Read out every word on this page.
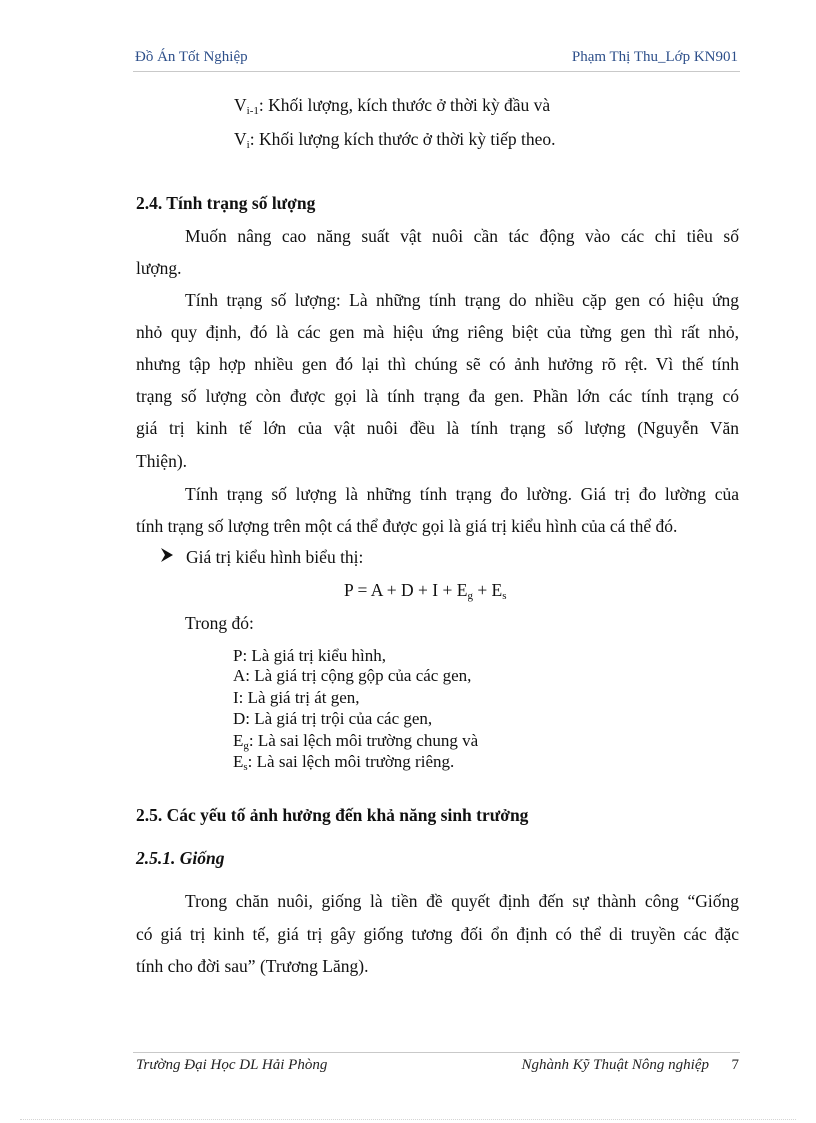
Đồ Án Tốt Nghiệp	Phạm Thị Thu_Lớp KN901
$V_{i-1}$: Khối lượng, kích thước ở thời kỳ đầu và
$V_i$: Khối lượng kích thước ở thời kỳ tiếp theo.
2.4. Tính trạng số lượng
Muốn nâng cao năng suất vật nuôi cần tác động vào các chỉ tiêu số
lượng.
Tính trạng số lượng: Là những tính trạng do nhiều cặp gen có hiệu ứng
nhỏ quy định, đó là các gen mà hiệu ứng riêng biệt của từng gen thì rất nhỏ,
nhưng tập hợp nhiều gen đó lại thì chúng sẽ có ảnh hưởng rõ rệt. Vì thế tính
trạng số lượng còn được gọi là tính trạng đa gen. Phần lớn các tính trạng có
giá trị kinh tế lớn của vật nuôi đều là tính trạng số lượng (Nguyễn Văn
Thiện).
Tính trạng số lượng là những tính trạng đo lường. Giá trị đo lường của
tính trạng số lượng trên một cá thể được gọi là giá trị kiểu hình của cá thể đó.
Giá trị kiểu hình biểu thị:
$P = A + D + I + E_g + E_s$
Trong đó:
P: Là giá trị kiểu hình,
A: Là giá trị cộng gộp của các gen,
I: Là giá trị át gen,
D: Là giá trị trội của các gen,
$E_g$: Là sai lệch môi trường chung và
$E_s$: Là sai lệch môi trường riêng.
2.5. Các yếu tố ảnh hưởng đến khả năng sinh trưởng
2.5.1. Giống
Trong chăn nuôi, giống là tiền đề quyết định đến sự thành công “Giống
có giá trị kinh tế, giá trị gây giống tương đối ổn định có thể di truyền các đặc
tính cho đời sau” (Trương Lăng).
Trường Đại Học DL Hải Phòng	Nghành Kỹ Thuật Nông nghiệp 7
